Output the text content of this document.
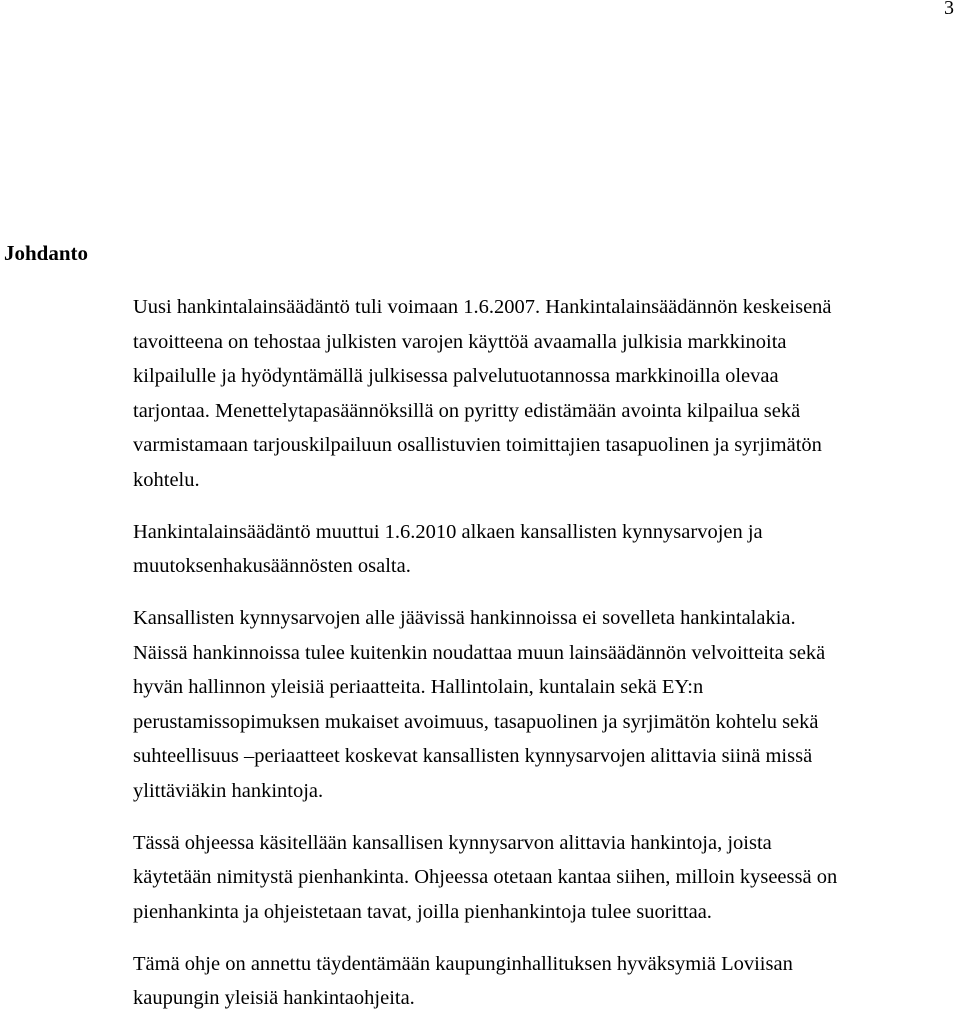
3
Johdanto

Uusi hankintalainsäädäntö tuli voimaan 1.6.2007. Hankintalainsäädännön keskeisenä
tavoitteena on tehostaa julkisten varojen käyttöä avaamalla julkisia markkinoita
kilpailulle ja hyödyntämällä julkisessa palvelutuotannossa markkinoilla olevaa
tarjontaa. Menettelytapasäännöksillä on pyritty edistämään avointa kilpailua sekä
varmistamaan tarjouskilpailuun osallistuvien toimittajien tasapuolinen ja syrjimätön
kohtelu.

Hankintalainsäädäntö muuttui 1.6.2010 alkaen kansallisten kynnysarvojen ja
muutoksenhakusäännösten osalta.

Kansallisten kynnysarvojen alle jäävissä hankinnoissa ei sovelleta hankintalakia.
Näissä hankinnoissa tulee kuitenkin noudattaa muun lainsäädännön velvoitteita sekä
hyvän hallinnon yleisiä periaatteita. Hallintolain, kuntalain sekä EY:n
perustamissopimuksen mukaiset avoimuus, tasapuolinen ja syrjimätön kohtelu sekä
suhteellisuus –periaatteet koskevat kansallisten kynnysarvojen alittavia siinä missä
ylittäviäkin hankintoja.

Tässä ohjeessa käsitellään kansallisen kynnysarvon alittavia hankintoja, joista
käytetään nimitystä pienhankinta. Ohjeessa otetaan kantaa siihen, milloin kyseessä on
pienhankinta ja ohjeistetaan tavat, joilla pienhankintoja tulee suorittaa.

Tämä ohje on annettu täydentämään kaupunginhallituksen hyväksymiä Loviisan
kaupungin yleisiä hankintaohjeita.
